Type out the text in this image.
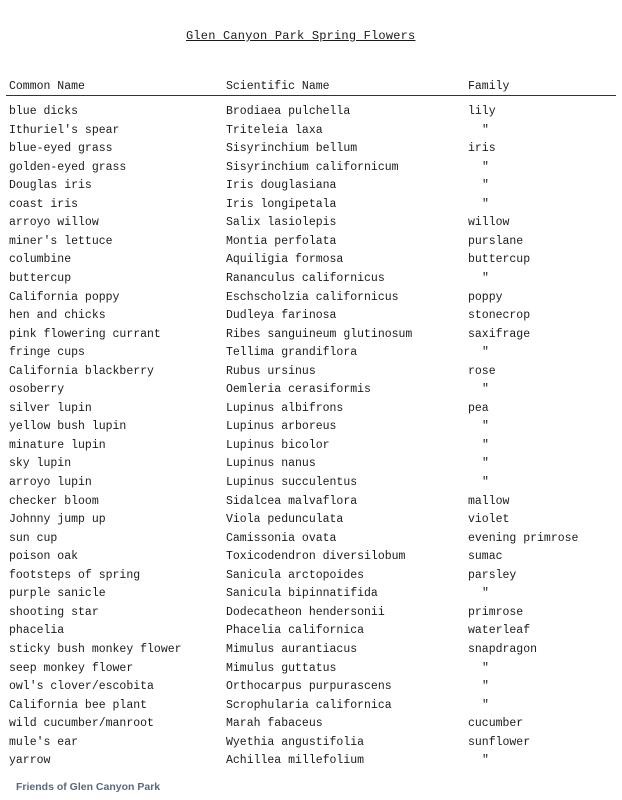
Glen Canyon Park Spring Flowers
Common Name	Scientific Name	Family
blue dicks	Brodiaea pulchella	lily
Ithuriel's spear	Triteleia laxa	"
blue-eyed grass	Sisyrinchium bellum	iris
golden-eyed grass	Sisyrinchium californicum	"
Douglas iris	Iris douglasiana	"
coast iris	Iris longipetala	"
arroyo willow	Salix lasiolepis	willow
miner's lettuce	Montia perfolata	purslane
columbine	Aquiligia formosa	buttercup
buttercup	Rananculus californicus	"
California poppy	Eschscholzia californicus	poppy
hen and chicks	Dudleya farinosa	stonecrop
pink flowering currant	Ribes sanguineum glutinosum	saxifrage
fringe cups	Tellima grandiflora	"
California blackberry	Rubus ursinus	rose
osoberry	Oemleria cerasiformis	"
silver lupin	Lupinus albifrons	pea
yellow bush lupin	Lupinus arboreus	"
minature lupin	Lupinus bicolor	"
sky lupin	Lupinus nanus	"
arroyo lupin	Lupinus succulentus	"
checker bloom	Sidalcea malvaflora	mallow
Johnny jump up	Viola pedunculata	violet
sun cup	Camissonia ovata	evening primrose
poison oak	Toxicodendron diversilobum	sumac
footsteps of spring	Sanicula arctopoides	parsley
purple sanicle	Sanicula bipinnatifida	"
shooting star	Dodecatheon hendersonii	primrose
phacelia	Phacelia californica	waterleaf
sticky bush monkey flower	Mimulus aurantiacus	snapdragon
seep monkey flower	Mimulus guttatus	"
owl's clover/escobita	Orthocarpus purpurascens	"
California bee plant	Scrophularia californica	"
wild cucumber/manroot	Marah fabaceus	cucumber
mule's ear	Wyethia angustifolia	sunflower
yarrow	Achillea millefolium	"
Friends of Glen Canyon Park
